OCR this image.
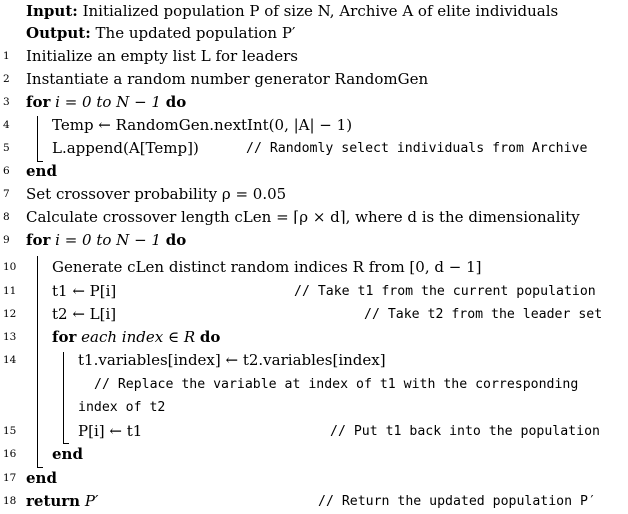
Input: Initialized population P of size N, Archive A of elite individuals
Output: The updated population P′
1	Initialize an empty list L for leaders
2	Instantiate a random number generator RandomGen
3	for i = 0 to N − 1 do
4	Temp ← RandomGen.nextInt(0, |A| − 1)
5	L.append(A[Temp])	// Randomly select individuals from Archive
6	end
7	Set crossover probability ρ = 0.05
8	Calculate crossover length cLen = ⌈ρ × d⌉, where d is the dimensionality
9	for i = 0 to N − 1 do
10 Generate cLen distinct random indices R from [0, d − 1]
11 t1 ← P[i]	// Take t1 from the current population
12 t2 ← L[i]	// Take t2 from the leader set
13 for each index ∈ R do
14	t1.variables[index] ← t2.variables[index]
// Replace the variable at index of t1 with the corresponding
index of t2
15	P[i] ← t1	// Put t1 back into the population
16 end
17 end
18 return P′	// Return the updated population P′
